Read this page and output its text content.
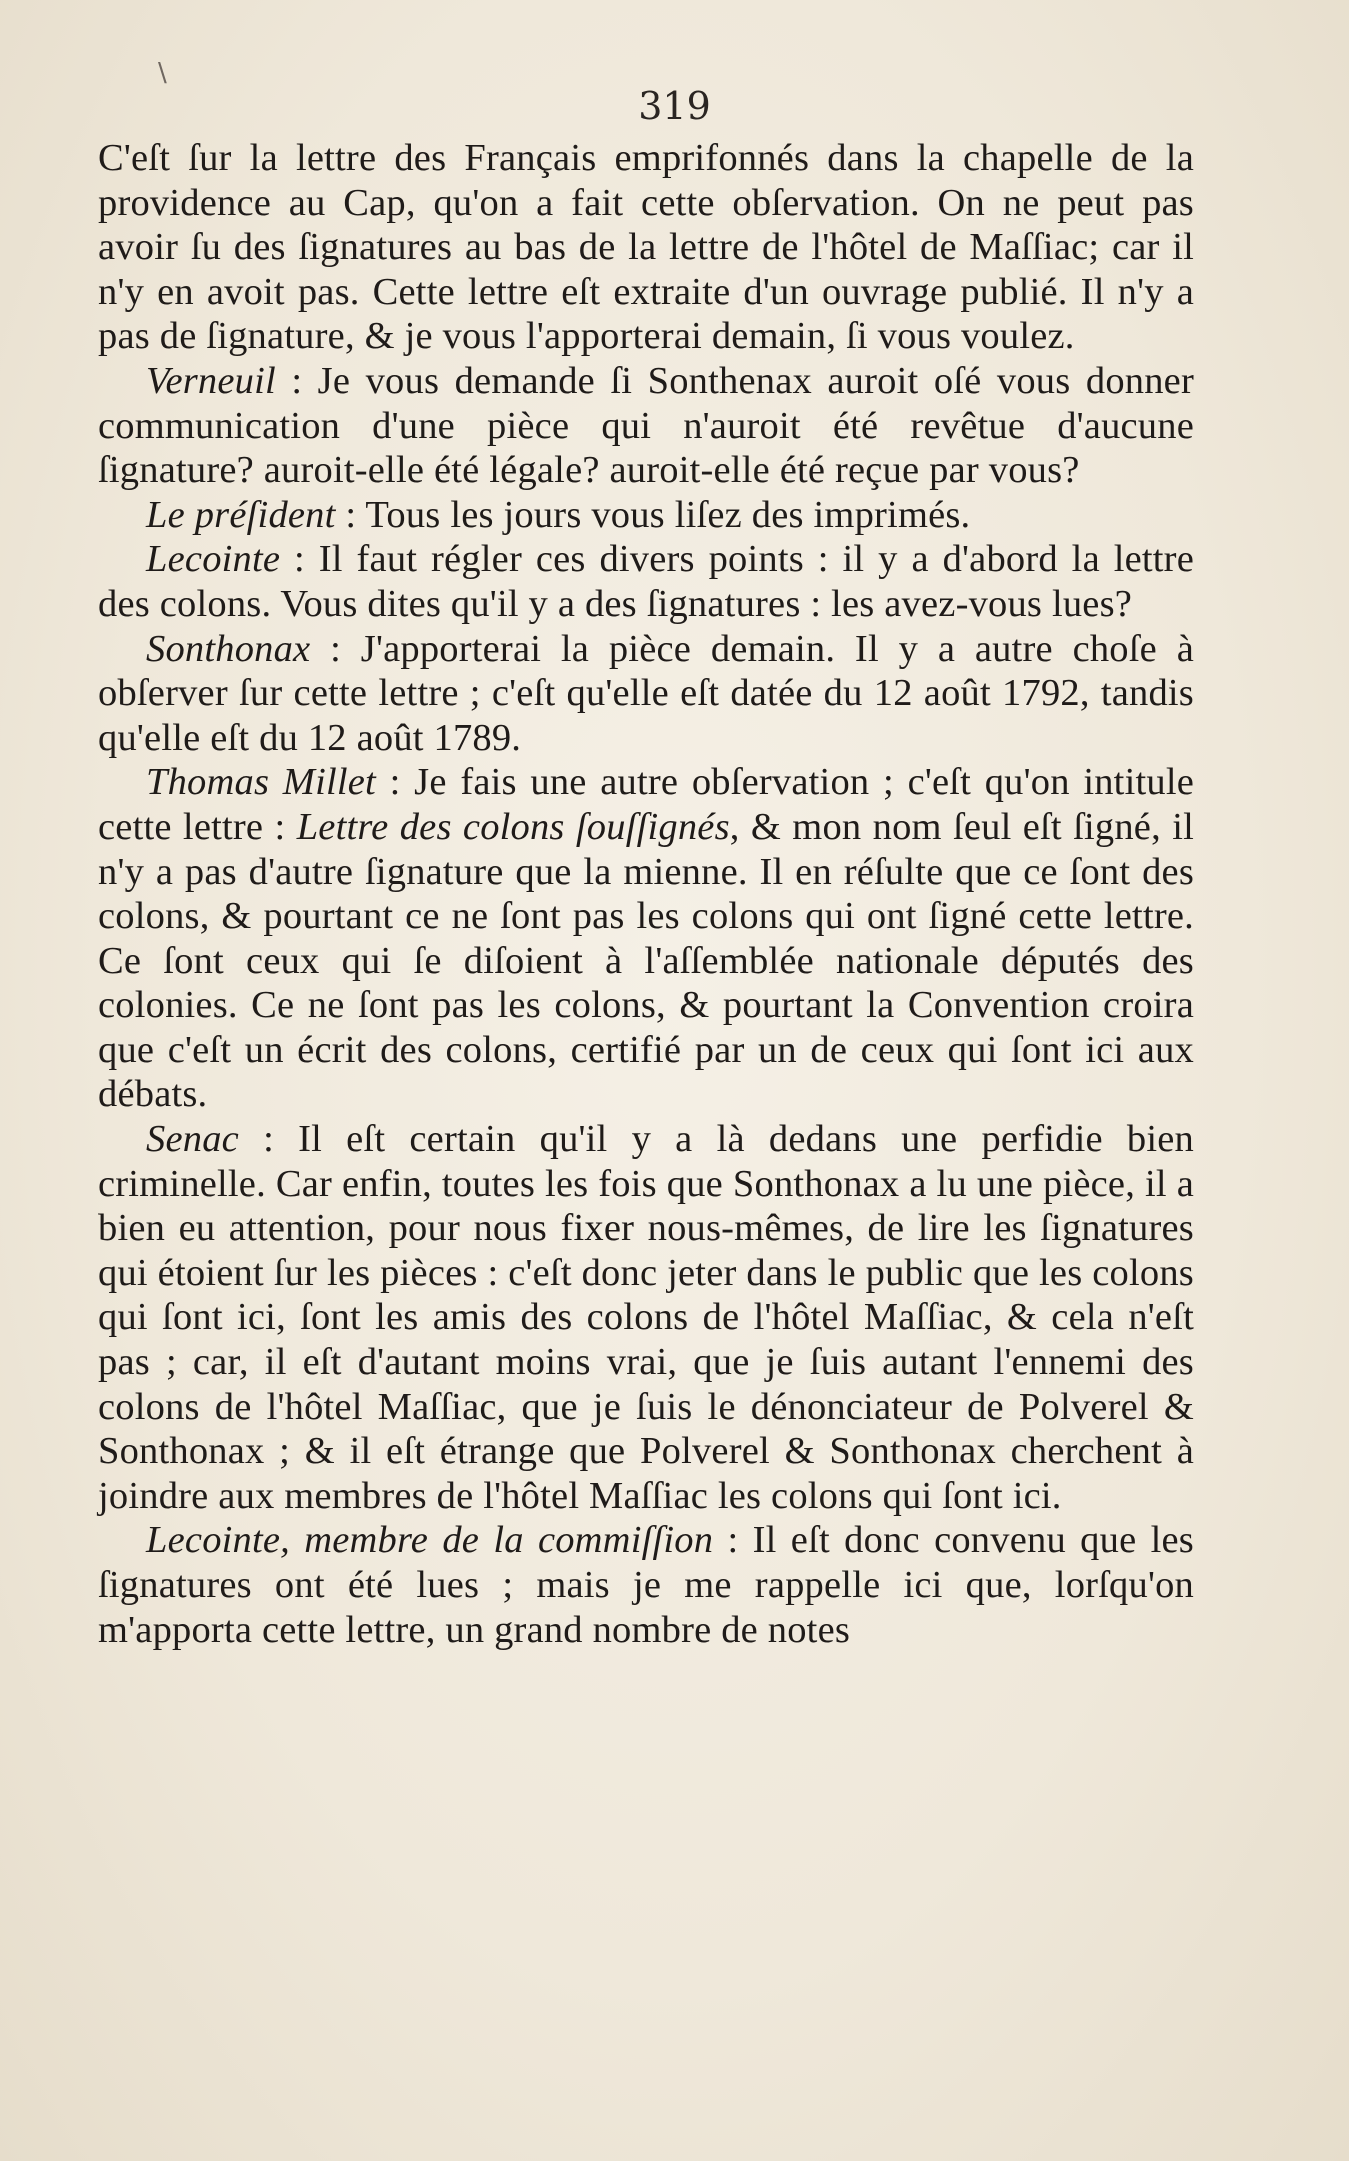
319
\

C'eſt ſur la lettre des Français emprifonnés dans la chapelle de la providence au Cap, qu'on a fait cette obſervation. On ne peut pas avoir ſu des ſignatures au bas de la lettre de l'hôtel de Maſſiac; car il n'y en avoit pas. Cette lettre eſt extraite d'un ouvrage publié. Il n'y a pas de ſignature, & je vous l'apporterai demain, ſi vous voulez.

Verneuil : Je vous demande ſi Sonthenax auroit oſé vous donner communication d'une pièce qui n'auroit été revêtue d'aucune ſignature? auroit-elle été légale? auroit-elle été reçue par vous?

Le préſident : Tous les jours vous liſez des imprimés.

Lecointe : Il faut régler ces divers points : il y a d'abord la lettre des colons. Vous dites qu'il y a des ſignatures : les avez-vous lues?

Sonthonax : J'apporterai la pièce demain. Il y a autre choſe à obſerver ſur cette lettre ; c'eſt qu'elle eſt datée du 12 août 1792, tandis qu'elle eſt du 12 août 1789.

Thomas Millet : Je fais une autre obſervation ; c'eſt qu'on intitule cette lettre : Lettre des colons ſouſſignés, & mon nom ſeul eſt ſigné, il n'y a pas d'autre ſignature que la mienne. Il en réſulte que ce ſont des colons, & pourtant ce ne ſont pas les colons qui ont ſigné cette lettre. Ce ſont ceux qui ſe diſoient à l'aſſemblée nationale députés des colonies. Ce ne ſont pas les colons, & pourtant la Convention croira que c'eſt un écrit des colons, certifié par un de ceux qui ſont ici aux débats.

Senac : Il eſt certain qu'il y a là dedans une perfidie bien criminelle. Car enfin, toutes les fois que Sonthonax a lu une pièce, il a bien eu attention, pour nous fixer nous-mêmes, de lire les ſignatures qui étoient ſur les pièces : c'eſt donc jeter dans le public que les colons qui ſont ici, ſont les amis des colons de l'hôtel Maſſiac, & cela n'eſt pas ; car, il eſt d'autant moins vrai, que je ſuis autant l'ennemi des colons de l'hôtel Maſſiac, que je ſuis le dénonciateur de Polverel & Sonthonax ; & il eſt étrange que Polverel & Sonthonax cherchent à joindre aux membres de l'hôtel Maſſiac les colons qui ſont ici.

Lecointe, membre de la commiſſion : Il eſt donc convenu que les ſignatures ont été lues ; mais je me rappelle ici que, lorſqu'on m'apporta cette lettre, un grand nombre de notes
